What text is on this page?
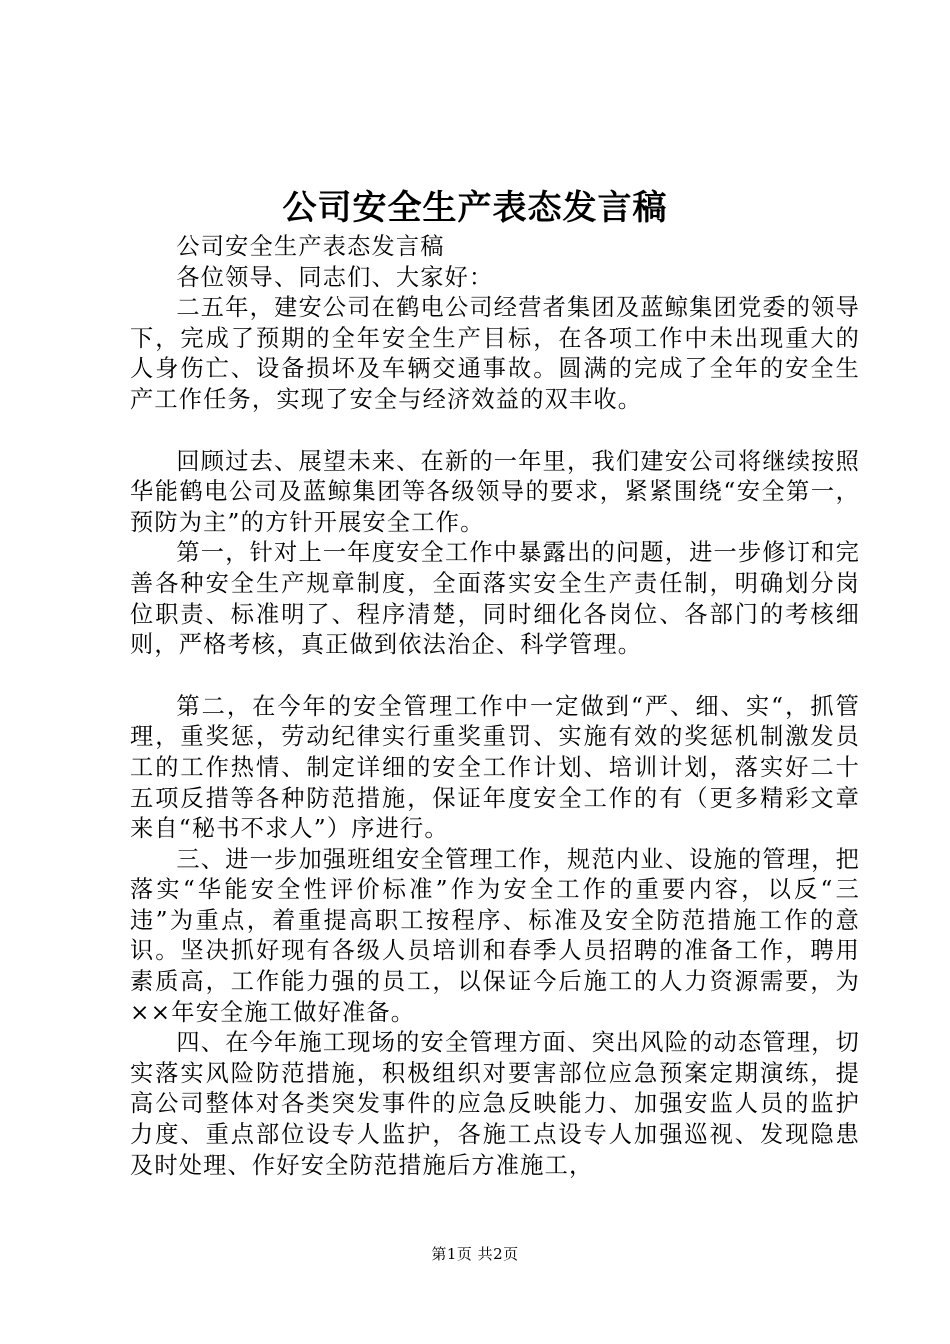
公司安全生产表态发言稿

公司安全生产表态发言稿

各位领导、同志们、大家好：

二五年，建安公司在鹤电公司经营者集团及蓝鲸集团党委的领导下，完成了预期的全年安全生产目标，在各项工作中未出现重大的人身伤亡、设备损坏及车辆交通事故。圆满的完成了全年的安全生产工作任务，实现了安全与经济效益的双丰收。

回顾过去、展望未来、在新的一年里，我们建安公司将继续按照华能鹤电公司及蓝鲸集团等各级领导的要求，紧紧围绕“安全第一，预防为主”的方针开展安全工作。

第一，针对上一年度安全工作中暴露出的问题，进一步修订和完善各种安全生产规章制度，全面落实安全生产责任制，明确划分岗位职责、标准明了、程序清楚，同时细化各岗位、各部门的考核细则，严格考核，真正做到依法治企、科学管理。

第二，在今年的安全管理工作中一定做到“严、细、实“，抓管理，重奖惩，劳动纪律实行重奖重罚、实施有效的奖惩机制激发员工的工作热情、制定详细的安全工作计划、培训计划，落实好二十五项反措等各种防范措施，保证年度安全工作的有（更多精彩文章来自“秘书不求人”）序进行。

三、进一步加强班组安全管理工作，规范内业、设施的管理，把落实“华能安全性评价标准”作为安全工作的重要内容，以反“三违”为重点，着重提高职工按程序、标准及安全防范措施工作的意识。坚决抓好现有各级人员培训和春季人员招聘的准备工作，聘用素质高，工作能力强的员工，以保证今后施工的人力资源需要，为××年安全施工做好准备。

四、在今年施工现场的安全管理方面、突出风险的动态管理，切实落实风险防范措施，积极组织对要害部位应急预案定期演练，提高公司整体对各类突发事件的应急反映能力、加强安监人员的监护力度、重点部位设专人监护，各施工点设专人加强巡视、发现隐患及时处理、作好安全防范措施后方准施工，

第1页 共2页
